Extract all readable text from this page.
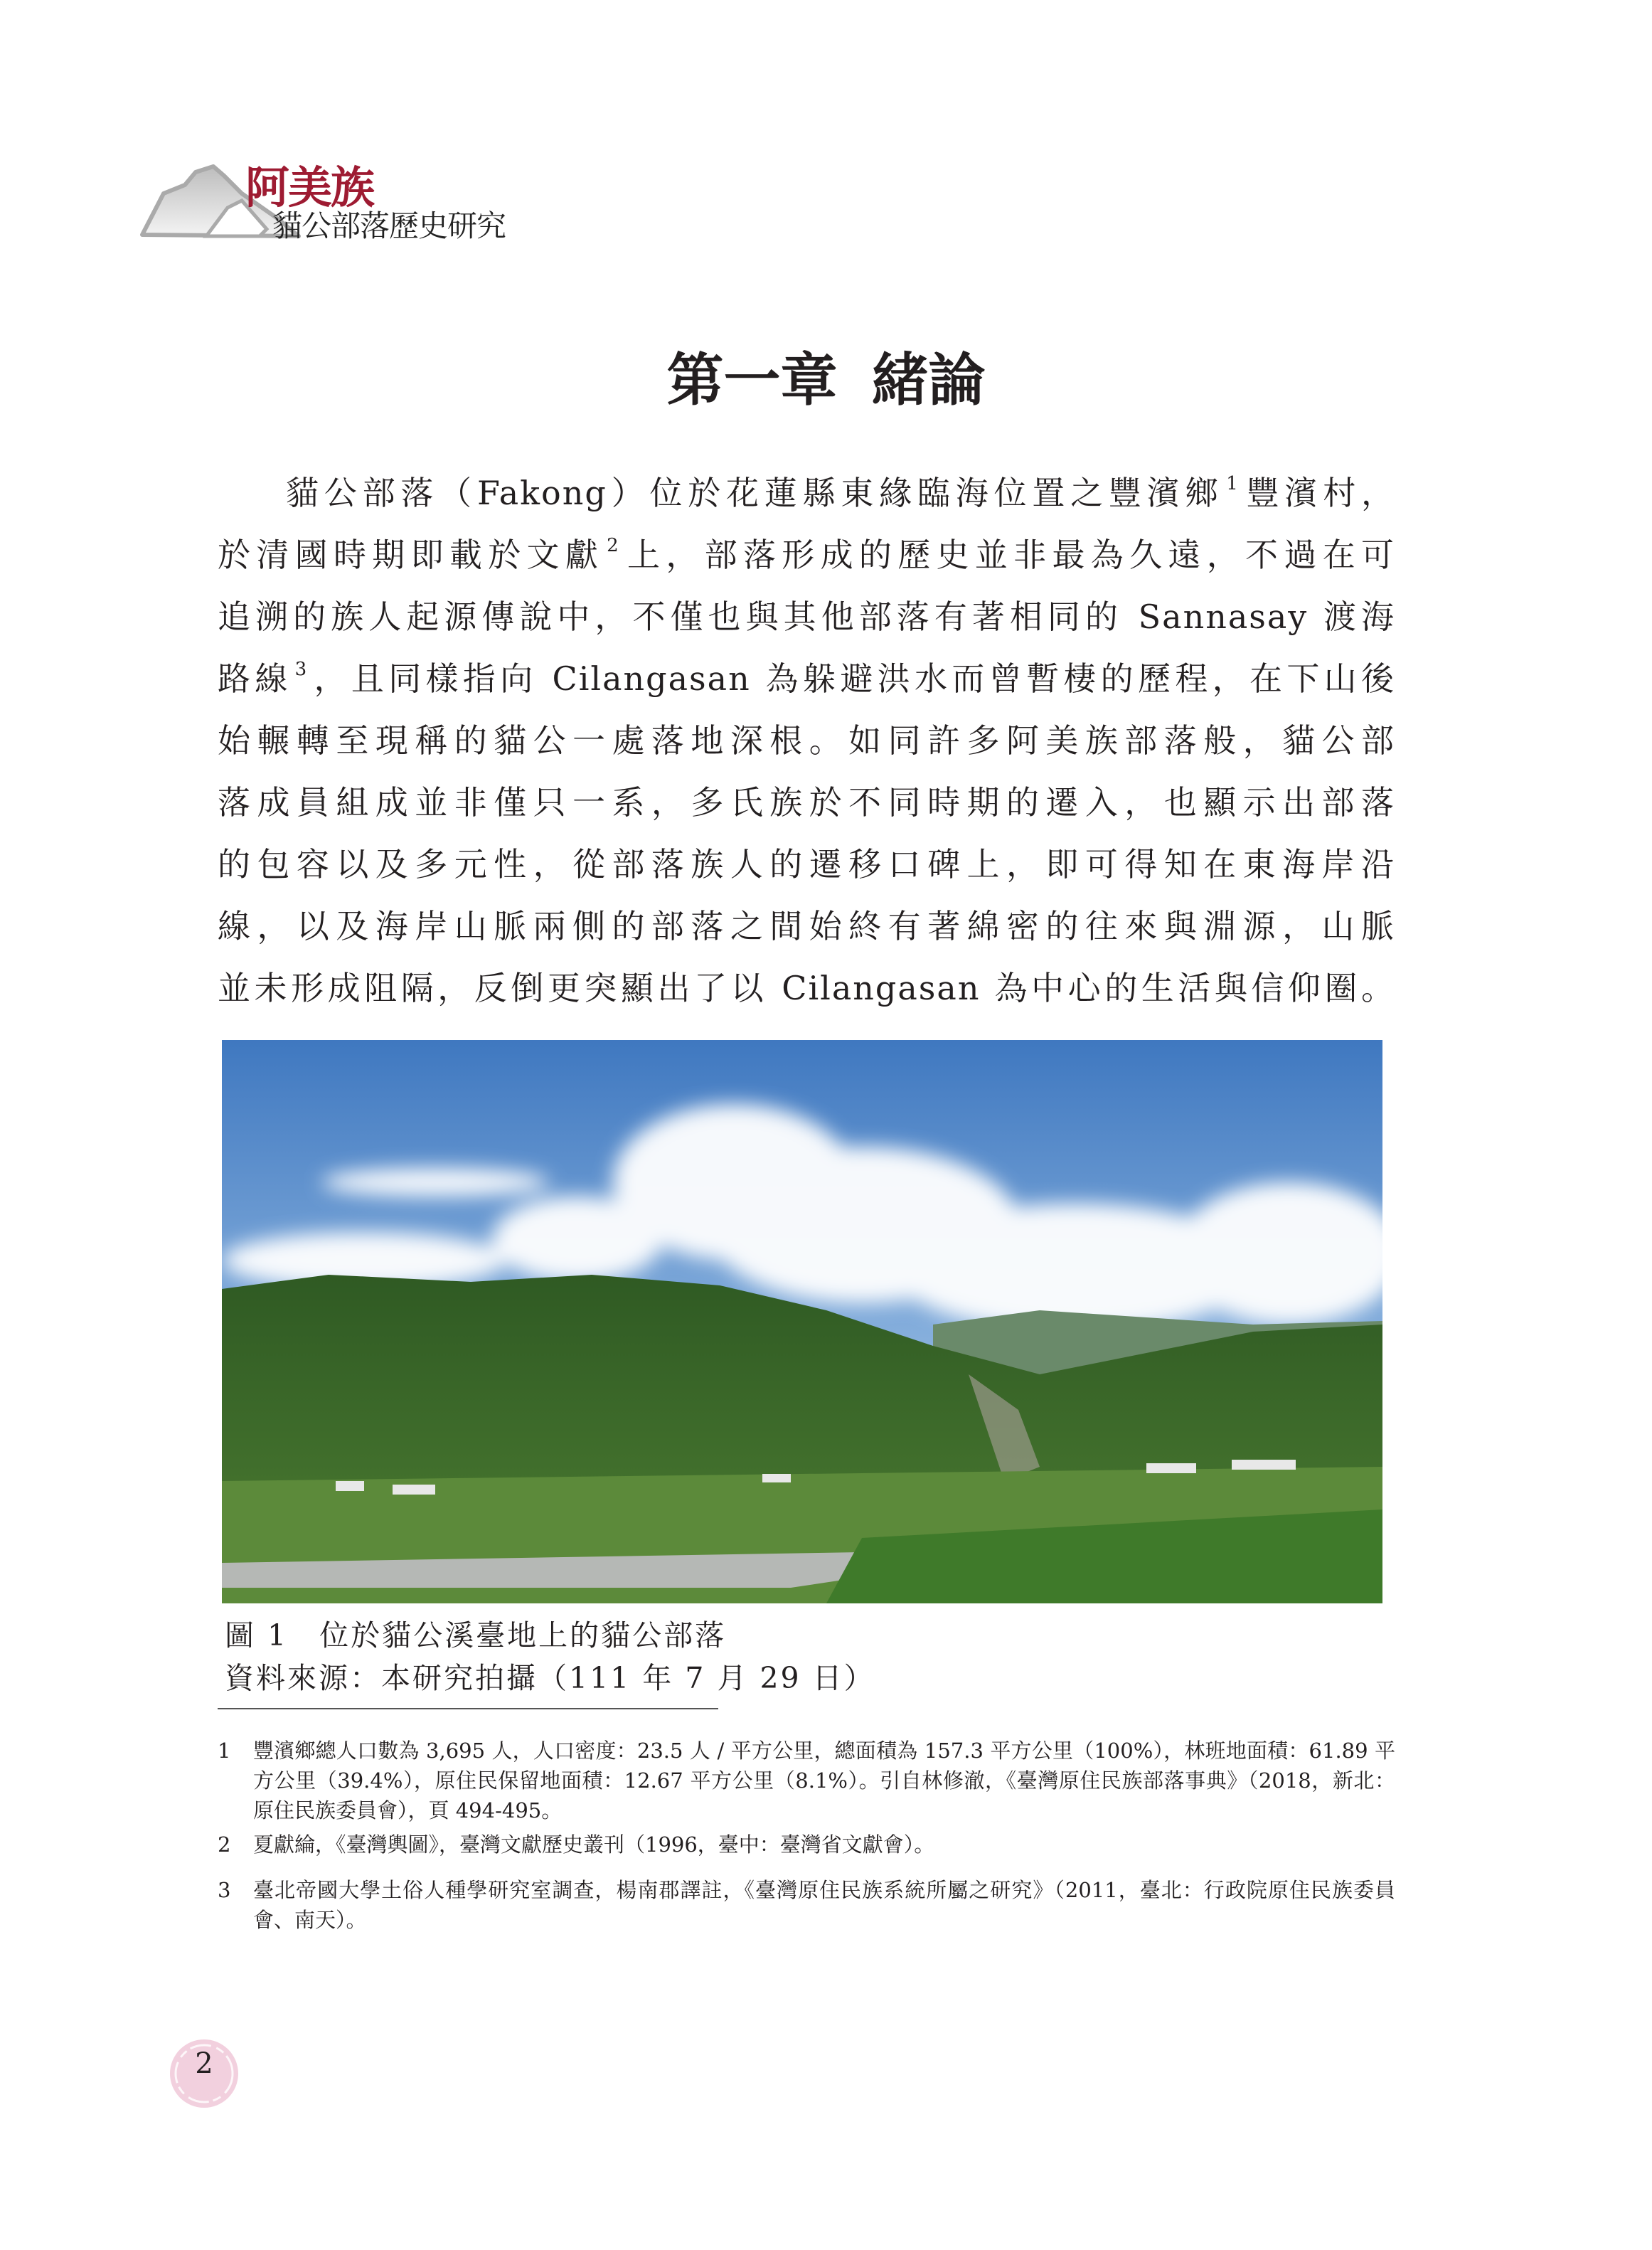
阿美族
貓公部落歷史研究
第一章 緒論
貓公部落（Fakong）位於花蓮縣東緣臨海位置之豐濱鄉 $^1$豐濱村，
於清國時期即載於文獻 $^2$上，部落形成的歷史並非最為久遠，不過在可
追溯的族人起源傳說中，不僅也與其他部落有著相同的 Sannasay 渡海
路線 $^3$，且同樣指向 Cilangasan 為躲避洪水而曾暫棲的歷程，在下山後
始輾轉至現稱的貓公一處落地深根。如同許多阿美族部落般，貓公部
落成員組成並非僅只一系，多氏族於不同時期的遷入，也顯示出部落
的包容以及多元性，從部落族人的遷移口碑上，即可得知在東海岸沿
線，以及海岸山脈兩側的部落之間始終有著綿密的往來與淵源，山脈
並未形成阻隔，反倒更突顯出了以 Cilangasan 為中心的生活與信仰圈。
圖 1　位於貓公溪臺地上的貓公部落
資料來源：本研究拍攝（111 年 7 月 29 日）
1 豐濱鄉總人口數為 3,695 人，人口密度：23.5 人 / 平方公里，總面積為 157.3 平方公里（100%），林班地面積：61.89 平方公里（39.4%），原住民保留地面積：12.67 平方公里（8.1%）。引自林修澈，《臺灣原住民族部落事典》（2018，新北：原住民族委員會），頁 494-495。
2 夏獻綸，《臺灣輿圖》，臺灣文獻歷史叢刊（1996，臺中：臺灣省文獻會）。
3 臺北帝國大學土俗人種學研究室調查，楊南郡譯註，《臺灣原住民族系統所屬之研究》（2011，臺北：行政院原住民族委員會、南天）。
2
